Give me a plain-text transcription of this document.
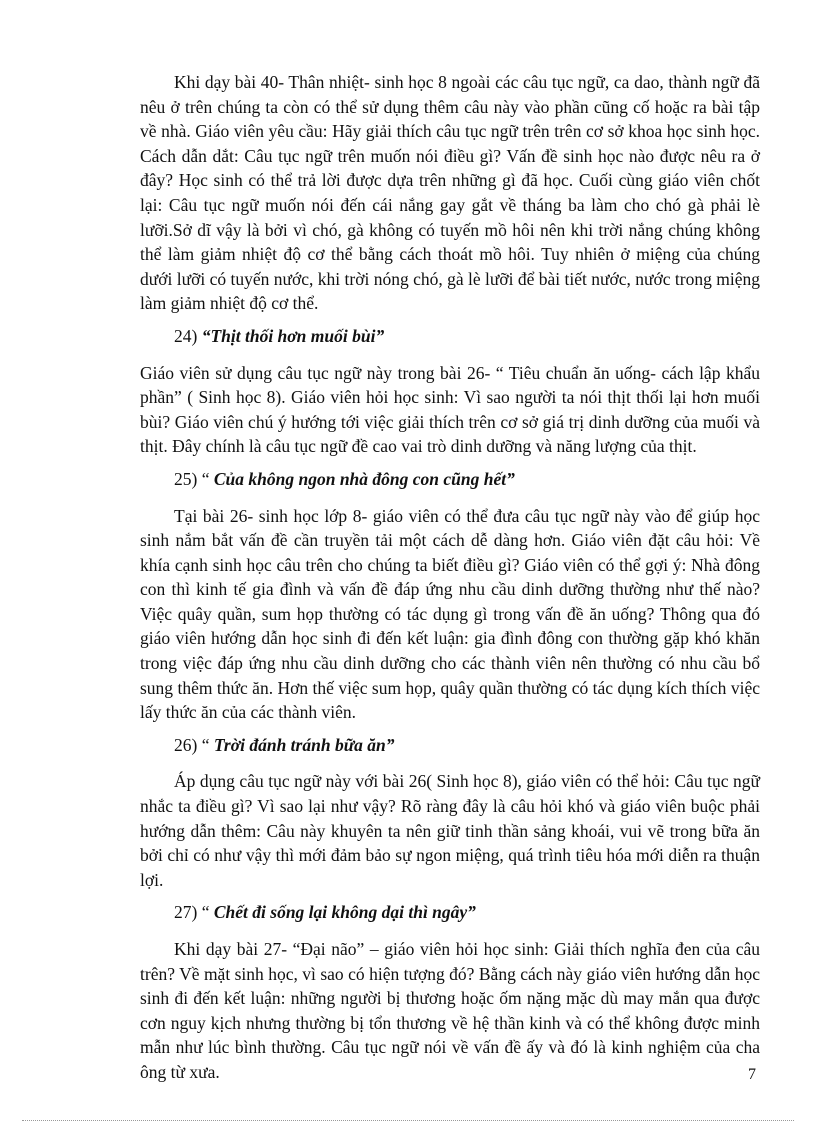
Khi dạy bài 40- Thân nhiệt- sinh học 8 ngoài các câu tục ngữ, ca dao, thành ngữ đã nêu ở trên chúng ta còn có thể sử dụng thêm câu này vào phần cũng cố hoặc ra bài tập về nhà. Giáo viên yêu cầu: Hãy giải thích câu tục ngữ trên trên cơ sở khoa học sinh học. Cách dẫn dắt: Câu tục ngữ trên muốn nói điều gì? Vấn đề sinh học nào được nêu ra ở đây? Học sinh có thể trả lời được dựa trên những gì đã học. Cuối cùng giáo viên chốt lại: Câu tục ngữ muốn nói đến cái nắng gay gắt về tháng ba làm cho chó gà phải lè lưỡi.Sở dĩ vậy là bởi vì chó, gà không có tuyến mồ hôi nên khi trời nắng chúng không thể làm giảm nhiệt độ cơ thể bằng cách thoát mồ hôi. Tuy nhiên ở miệng của chúng dưới lưỡi có tuyến nước, khi trời nóng chó, gà lè lưỡi để bài tiết nước, nước trong miệng làm giảm nhiệt độ cơ thể.

24) “Thịt thối hơn muối bùi”

Giáo viên sử dụng câu tục ngữ này trong bài 26- “ Tiêu chuẩn ăn uống- cách lập khẩu phần” ( Sinh học 8). Giáo viên hỏi học sinh: Vì sao người ta nói thịt thối lại hơn muối bùi? Giáo viên chú ý hướng tới việc giải thích trên cơ sở giá trị dinh dưỡng của muối và thịt. Đây chính là câu tục ngữ đề cao vai trò dinh dưỡng và năng lượng của thịt.

25) “ Của không ngon nhà đông con cũng hết”

Tại bài 26- sinh học lớp 8- giáo viên có thể đưa câu tục ngữ này vào để giúp học sinh nắm bắt vấn đề cần truyền tải một cách dễ dàng hơn. Giáo viên đặt câu hỏi: Về khía cạnh sinh học câu trên cho chúng ta biết điều gì? Giáo viên có thể gợi ý: Nhà đông con thì kinh tế gia đình và vấn đề đáp ứng nhu cầu dinh dưỡng thường như thế nào? Việc quây quần, sum họp thường có tác dụng gì trong vấn đề ăn uống? Thông qua đó giáo viên hướng dẫn học sinh đi đến kết luận: gia đình đông con thường gặp khó khăn trong việc đáp ứng nhu cầu dinh dưỡng cho các thành viên nên thường có nhu cầu bổ sung thêm thức ăn. Hơn thế việc sum họp, quây quần thường có tác dụng kích thích việc lấy thức ăn của các thành viên.

26) “ Trời đánh tránh bữa ăn”

Áp dụng câu tục ngữ này với bài 26( Sinh học 8), giáo viên có thể hỏi: Câu tục ngữ nhắc ta điều gì? Vì sao lại như vậy? Rõ ràng đây là câu hỏi khó và giáo viên buộc phải hướng dẫn thêm: Câu này khuyên ta nên giữ tinh thần sảng khoái, vui vẽ trong bữa ăn bởi chỉ có như vậy thì mới đảm bảo sự ngon miệng, quá trình tiêu hóa mới diễn ra thuận lợi.

27) “ Chết đi sống lại không dại thì ngây”

Khi dạy bài 27- “Đại não” – giáo viên hỏi học sinh: Giải thích nghĩa đen của câu trên? Về mặt sinh học, vì sao có hiện tượng đó? Bằng cách này giáo viên hướng dẫn học sinh đi đến kết luận: những người bị thương hoặc ốm nặng mặc dù may mắn qua được cơn nguy kịch nhưng thường bị tổn thương về hệ thần kinh và có thể không được minh mẫn như lúc bình thường. Câu tục ngữ nói về vấn đề ấy và đó là kinh nghiệm của cha ông từ xưa.	7
